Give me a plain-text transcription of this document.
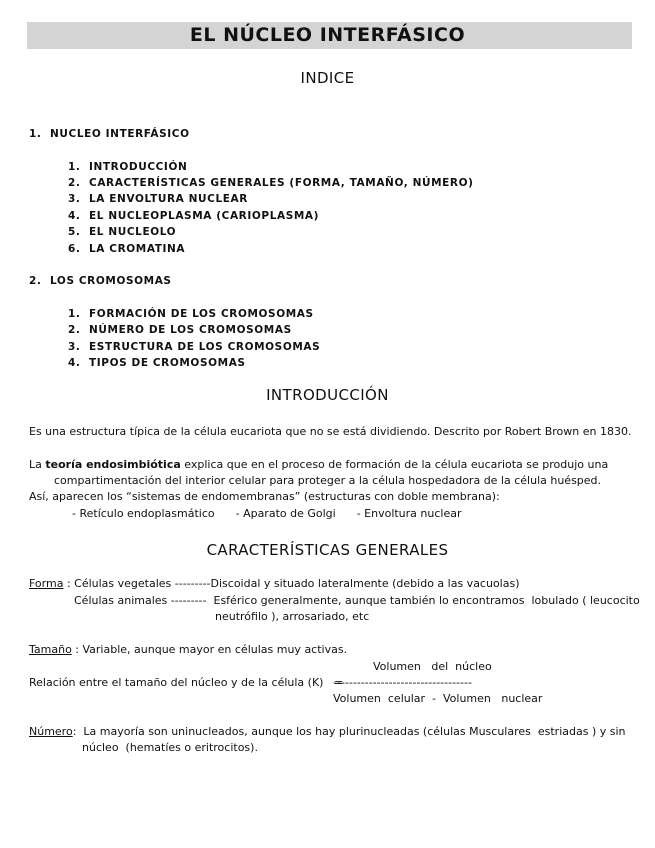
EL NÚCLEO INTERFÁSICO
INDICE
1. NUCLEO INTERFÁSICO
1. INTRODUCCIÓN
2. CARACTERÍSTICAS GENERALES (FORMA, TAMAÑO, NÚMERO)
3. LA ENVOLTURA NUCLEAR
4. EL NUCLEOPLASMA (CARIOPLASMA)
5. EL NUCLEOLO
6. LA CROMATINA
2. LOS CROMOSOMAS
1. FORMACIÓN DE LOS CROMOSOMAS
2. NÚMERO DE LOS CROMOSOMAS
3. ESTRUCTURA DE LOS CROMOSOMAS
4. TIPOS DE CROMOSOMAS
INTRODUCCIÓN
Es una estructura típica de la célula eucariota que no se está dividiendo. Descrito por Robert Brown en 1830.
La teoría endosimbiótica explica que en el proceso de formación de la célula eucariota se produjo una
compartimentación del interior celular para proteger a la célula hospedadora de la célula huésped.
Así, aparecen los “sistemas de endomembranas” (estructuras con doble membrana):
- Retículo endoplasmático      - Aparato de Golgi      - Envoltura nuclear
CARACTERÍSTICAS GENERALES
Forma : Células vegetales ---------Discoidal y situado lateralmente (debido a las vacuolas)
Células animales ---------  Esférico generalmente, aunque también lo encontramos  lobulado ( leucocito
neutrófilo ), arrosariado, etc
Tamaño : Variable, aunque mayor en células muy activas.
Volumen   del  núcleo
Relación entre el tamaño del núcleo y de la célula (K)   =
-----------------------------------
Volumen  celular  -  Volumen   nuclear
Número:  La mayoría son uninucleados, aunque los hay plurinucleadas (células Musculares  estriadas ) y sin
núcleo  (hematíes o eritrocitos).
